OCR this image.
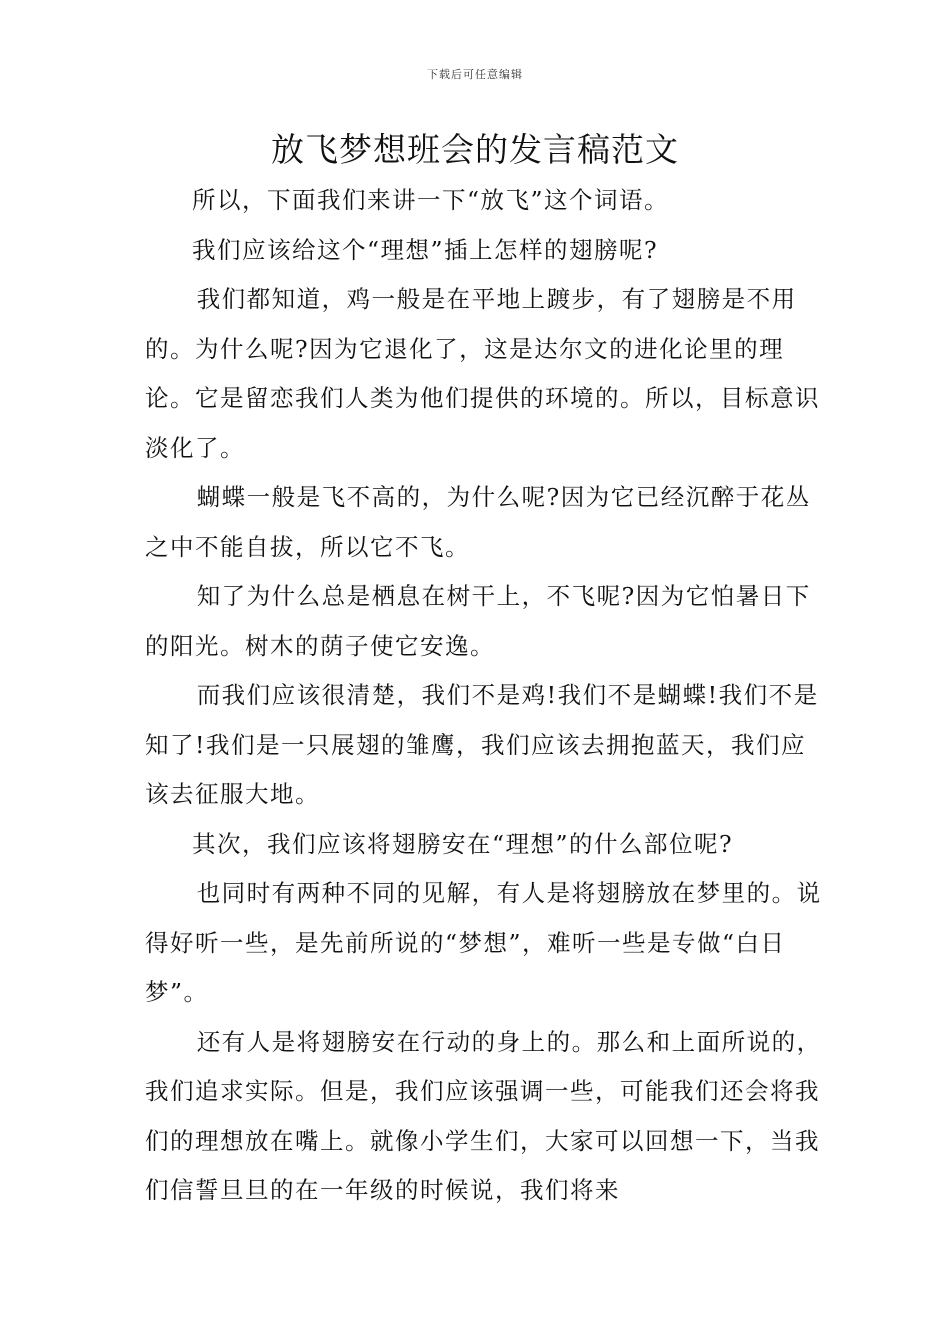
下载后可任意编辑
放飞梦想班会的发言稿范文

所以，下面我们来讲一下“放飞”这个词语。

我们应该给这个“理想”插上怎样的翅膀呢?

我们都知道，鸡一般是在平地上踱步，有了翅膀是不用的。为什么呢?因为它退化了，这是达尔文的进化论里的理论。它是留恋我们人类为他们提供的环境的。所以，目标意识淡化了。

蝴蝶一般是飞不高的，为什么呢?因为它已经沉醉于花丛之中不能自拔，所以它不飞。

知了为什么总是栖息在树干上，不飞呢?因为它怕暑日下的阳光。树木的荫子使它安逸。

而我们应该很清楚，我们不是鸡!我们不是蝴蝶!我们不是知了!我们是一只展翅的雏鹰，我们应该去拥抱蓝天，我们应该去征服大地。

其次，我们应该将翅膀安在“理想”的什么部位呢?

也同时有两种不同的见解，有人是将翅膀放在梦里的。说得好听一些，是先前所说的“梦想”，难听一些是专做“白日梦”。

还有人是将翅膀安在行动的身上的。那么和上面所说的，我们追求实际。但是，我们应该强调一些，可能我们还会将我们的理想放在嘴上。就像小学生们，大家可以回想一下，当我们信誓旦旦的在一年级的时候说，我们将来
